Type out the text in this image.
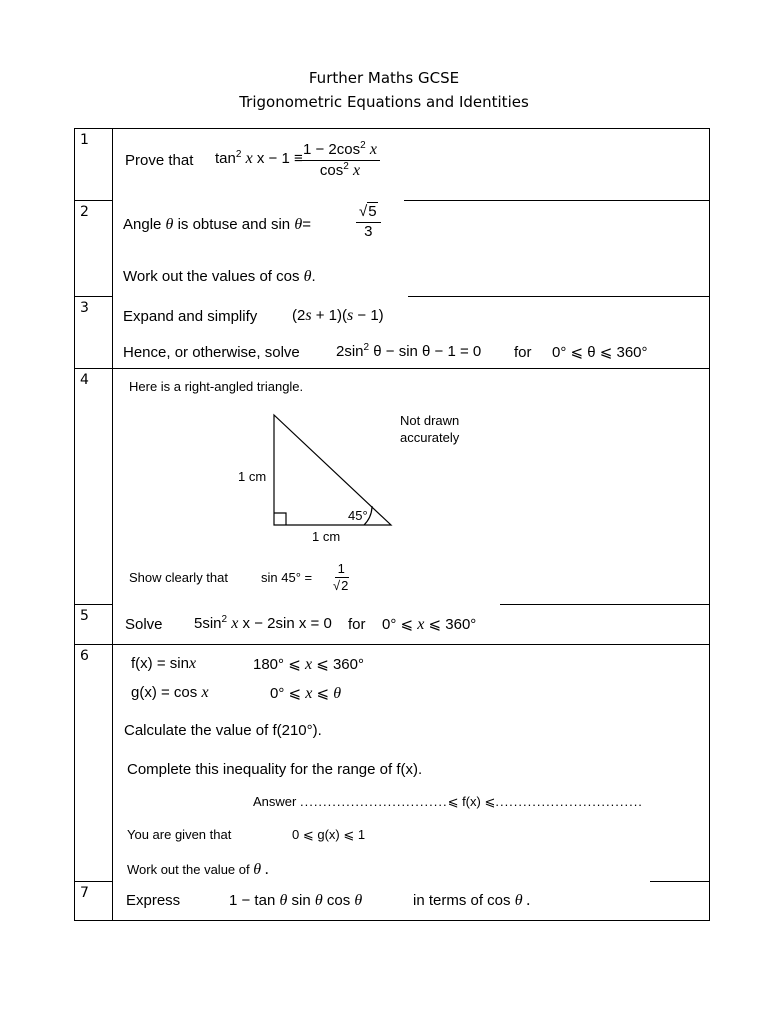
Further Maths GCSE
Trigonometric Equations and Identities
1
Prove that $\tan^2 x$ x − 1 ≡
$\frac{1 - 2\cos^2 x}{\cos^2 x}$
2
Angle θ is obtuse and sin θ=	$\frac{√5}{3}$
Work out the values of cos θ.
3 Expand and simplify (2s + 1)(s − 1)
Hence, or otherwise, solve $2\sin^2$ θ − sin θ − 1 = 0 for 0° ⩽ θ ⩽ 360°
4	Here is a right-angled triangle.
Not drawn
accurately
1 cm
1 cm
45°
Show clearly that	$\sin 45^\circ = \frac{1}{√2}$
5 Solve $5\sin^2$ x x − 2sin x = 0 for 0° ⩽ x ⩽ 360°
6	f(x) = sinx	180° ⩽ x ⩽ 360°
g(x) = cos x	0° ⩽ x ⩽ θ
Calculate the value of f(210°).
Complete this inequality for the range of f(x).
Answer ................................⩽ f(x) ⩽................................
You are given that	0 ⩽ g(x) ⩽ 1
Work out the value of θ .
7 Express	1 − tan θ sin θ cos θ	in terms of cos θ .
